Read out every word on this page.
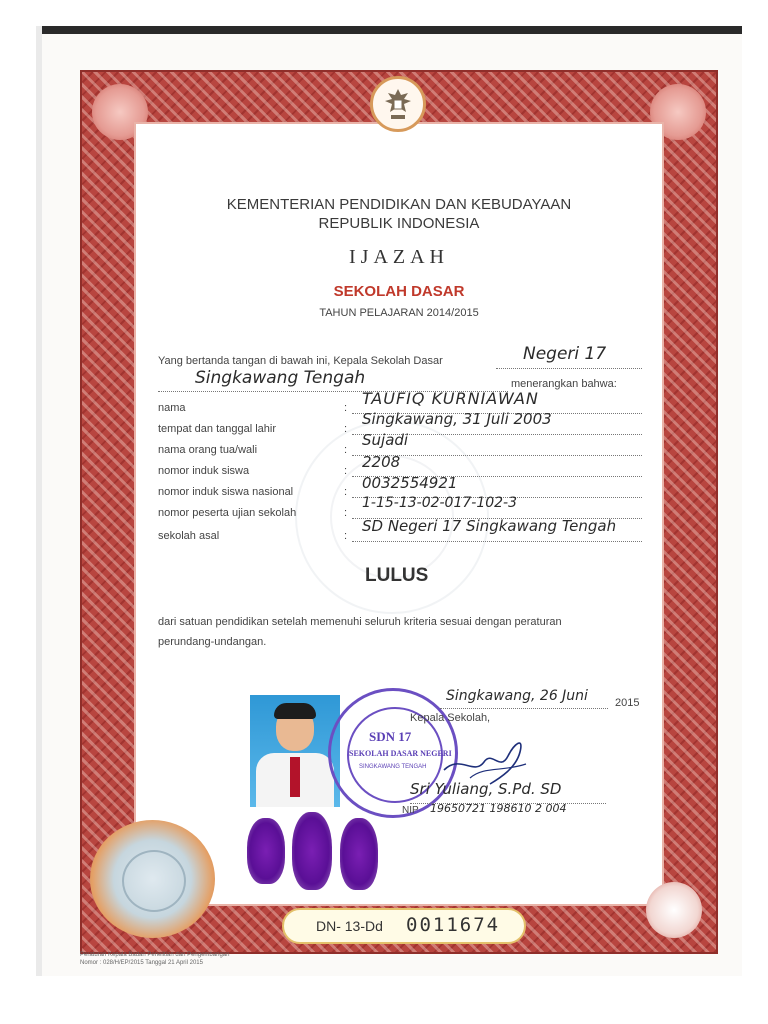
KEMENTERIAN PENDIDIKAN DAN KEBUDAYAAN
REPUBLIK INDONESIA
IJAZAH
SEKOLAH DASAR
TAHUN PELAJARAN 2014/2015
Yang bertanda tangan di bawah ini, Kepala Sekolah Dasar	Negeri 17
Singkawang Tengah	menerangkan bahwa:
nama	: TAUFIQ KURNIAWAN
tempat dan tanggal lahir	:
Singkawang, 31 Juli 2003
nama orang tua/wali	:
Sujadi
nomor induk siswa	: 2208
nomor induk siswa nasional	: 0032554921
nomor peserta ujian sekolah	:
1-15-13-02-017-102-3
sekolah asal	:
SD Negeri 17 Singkawang Tengah
LULUS
dari satuan pendidikan setelah memenuhi seluruh kriteria sesuai dengan peraturan
perundang-undangan.
SDN 17
SEKOLAH DASAR NEGERI
SINGKAWANG TENGAH
Singkawang, 26 Juni 2015
Kepala Sekolah,
Sri Yuliang, S.Pd. SD
NIP 19650721 198610 2 004
DN- 13-Dd 0011674
Peraturan Kepala Badan Penelitian dan Pengembangan
Nomor : 028/H/EP/2015 Tanggal 21 April 2015
